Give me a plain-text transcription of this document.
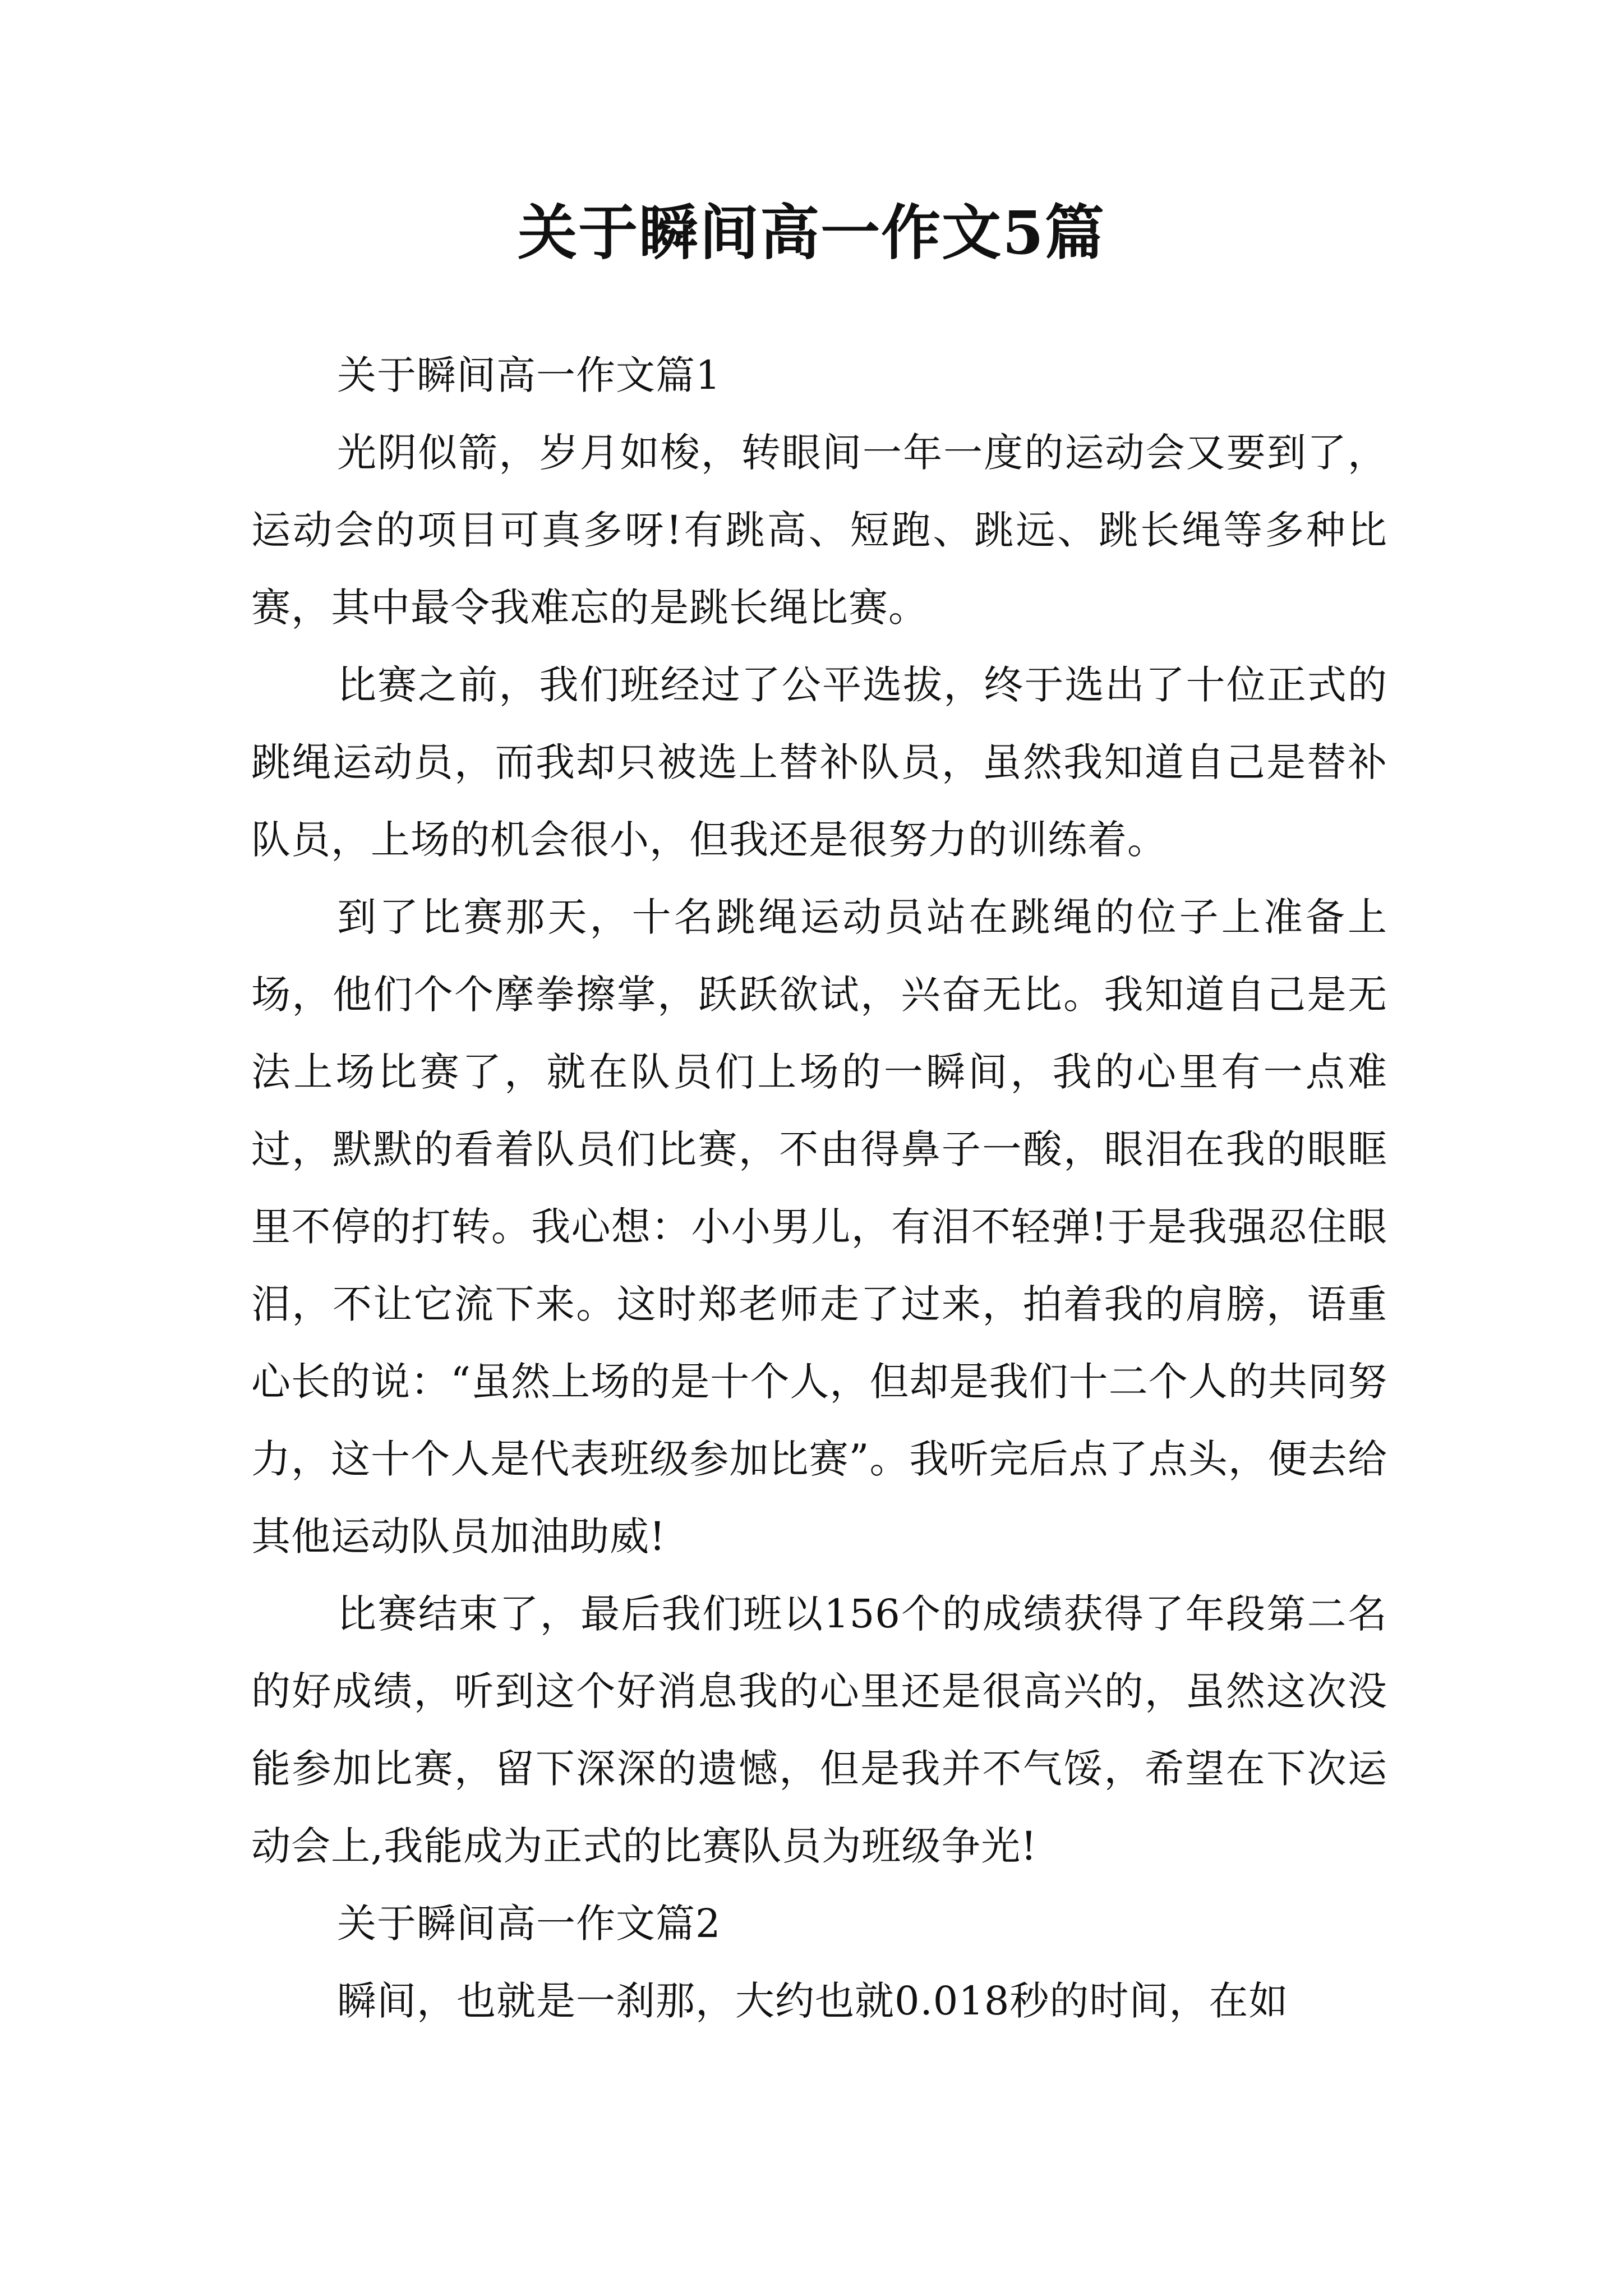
关于瞬间高一作文5篇

关于瞬间高一作文篇1

光阴似箭，岁月如梭，转眼间一年一度的运动会又要到了，运动会的项目可真多呀!有跳高、短跑、跳远、跳长绳等多种比赛，其中最令我难忘的是跳长绳比赛。

比赛之前，我们班经过了公平选拔，终于选出了十位正式的跳绳运动员，而我却只被选上替补队员，虽然我知道自己是替补队员，上场的机会很小，但我还是很努力的训练着。

到了比赛那天，十名跳绳运动员站在跳绳的位子上准备上场，他们个个摩拳擦掌，跃跃欲试，兴奋无比。我知道自己是无法上场比赛了，就在队员们上场的一瞬间，我的心里有一点难过，默默的看着队员们比赛，不由得鼻子一酸，眼泪在我的眼眶里不停的打转。我心想：小小男儿，有泪不轻弹!于是我强忍住眼泪，不让它流下来。这时郑老师走了过来，拍着我的肩膀，语重心长的说：“虽然上场的是十个人，但却是我们十二个人的共同努力，这十个人是代表班级参加比赛”。我听完后点了点头，便去给其他运动队员加油助威!

比赛结束了，最后我们班以156个的成绩获得了年段第二名的好成绩，听到这个好消息我的心里还是很高兴的，虽然这次没能参加比赛，留下深深的遗憾，但是我并不气馁，希望在下次运动会上,我能成为正式的比赛队员为班级争光!

关于瞬间高一作文篇2

瞬间，也就是一刹那，大约也就0.018秒的时间，在如
